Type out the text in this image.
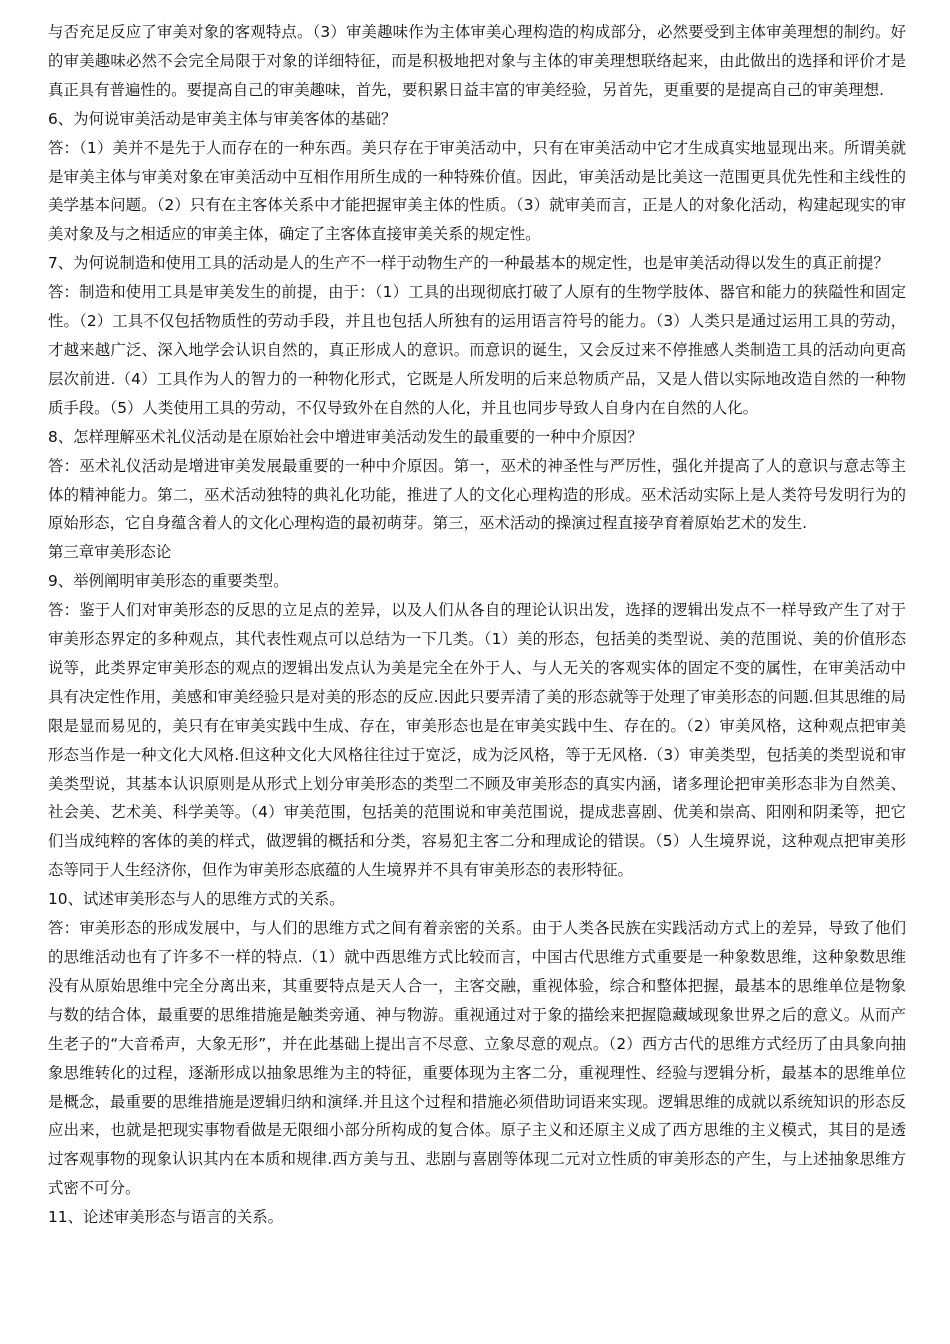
与否充足反应了审美对象的客观特点。（3）审美趣味作为主体审美心理构造的构成部分，必然要受到主体审美理想的制约。好的审美趣味必然不会完全局限于对象的详细特征，而是积极地把对象与主体的审美理想联络起来，由此做出的选择和评价才是真正具有普遍性的。要提高自己的审美趣味，首先，要积累日益丰富的审美经验，另首先，更重要的是提高自己的审美理想.

6、为何说审美活动是审美主体与审美客体的基础？

答：（1）美并不是先于人而存在的一种东西。美只存在于审美活动中，只有在审美活动中它才生成真实地显现出来。所谓美就是审美主体与审美对象在审美活动中互相作用所生成的一种特殊价值。因此，审美活动是比美这一范围更具优先性和主线性的美学基本问题。（2）只有在主客体关系中才能把握审美主体的性质。（3）就审美而言，正是人的对象化活动，构建起现实的审美对象及与之相适应的审美主体，确定了主客体直接审美关系的规定性。

7、为何说制造和使用工具的活动是人的生产不一样于动物生产的一种最基本的规定性，也是审美活动得以发生的真正前提？

答：制造和使用工具是审美发生的前提，由于：（1）工具的出现彻底打破了人原有的生物学肢体、器官和能力的狭隘性和固定性。（2）工具不仅包括物质性的劳动手段，并且也包括人所独有的运用语言符号的能力。（3）人类只是通过运用工具的劳动，才越来越广泛、深入地学会认识自然的，真正形成人的意识。而意识的诞生，又会反过来不停推感人类制造工具的活动向更高层次前进.（4）工具作为人的智力的一种物化形式，它既是人所发明的后来总物质产品，又是人借以实际地改造自然的一种物质手段。（5）人类使用工具的劳动，不仅导致外在自然的人化，并且也同步导致人自身内在自然的人化。

8、怎样理解巫术礼仪活动是在原始社会中增进审美活动发生的最重要的一种中介原因？

答：巫术礼仪活动是增进审美发展最重要的一种中介原因。第一，巫术的神圣性与严厉性，强化并提高了人的意识与意志等主体的精神能力。第二，巫术活动独特的典礼化功能，推进了人的文化心理构造的形成。巫术活动实际上是人类符号发明行为的原始形态，它自身蕴含着人的文化心理构造的最初萌芽。第三，巫术活动的操演过程直接孕育着原始艺术的发生.

第三章审美形态论

9、举例阐明审美形态的重要类型。

答：鉴于人们对审美形态的反思的立足点的差异，以及人们从各自的理论认识出发，选择的逻辑出发点不一样导致产生了对于审美形态界定的多种观点，其代表性观点可以总结为一下几类。（1）美的形态，包括美的类型说、美的范围说、美的价值形态说等，此类界定审美形态的观点的逻辑出发点认为美是完全在外于人、与人无关的客观实体的固定不变的属性，在审美活动中具有决定性作用，美感和审美经验只是对美的形态的反应.因此只要弄清了美的形态就等于处理了审美形态的问题.但其思维的局限是显而易见的，美只有在审美实践中生成、存在，审美形态也是在审美实践中生、存在的。（2）审美风格，这种观点把审美形态当作是一种文化大风格.但这种文化大风格往往过于宽泛，成为泛风格，等于无风格.（3）审美类型，包括美的类型说和审美类型说，其基本认识原则是从形式上划分审美形态的类型二不顾及审美形态的真实内涵，诸多理论把审美形态非为自然美、社会美、艺术美、科学美等。（4）审美范围，包括美的范围说和审美范围说，提成悲喜剧、优美和崇高、阳刚和阴柔等，把它们当成纯粹的客体的美的样式，做逻辑的概括和分类，容易犯主客二分和理成论的错误。（5）人生境界说，这种观点把审美形态等同于人生经济你，但作为审美形态底蕴的人生境界并不具有审美形态的表形特征。

10、试述审美形态与人的思维方式的关系。

答：审美形态的形成发展中，与人们的思维方式之间有着亲密的关系。由于人类各民族在实践活动方式上的差异，导致了他们的思维活动也有了许多不一样的特点.（1）就中西思维方式比较而言，中国古代思维方式重要是一种象数思维，这种象数思维没有从原始思维中完全分离出来，其重要特点是天人合一，主客交融，重视体验，综合和整体把握，最基本的思维单位是物象与数的结合体，最重要的思维措施是触类旁通、神与物游。重视通过对于象的描绘来把握隐藏域现象世界之后的意义。从而产生老子的“大音希声，大象无形”，并在此基础上提出言不尽意、立象尽意的观点。（2）西方古代的思维方式经历了由具象向抽象思维转化的过程，逐渐形成以抽象思维为主的特征，重要体现为主客二分，重视理性、经验与逻辑分析，最基本的思维单位是概念，最重要的思维措施是逻辑归纳和演绎.并且这个过程和措施必须借助词语来实现。逻辑思维的成就以系统知识的形态反应出来，也就是把现实事物看做是无限细小部分所构成的复合体。原子主义和还原主义成了西方思维的主义模式，其目的是透过客观事物的现象认识其内在本质和规律.西方美与丑、悲剧与喜剧等体现二元对立性质的审美形态的产生，与上述抽象思维方式密不可分。

11、论述审美形态与语言的关系。
